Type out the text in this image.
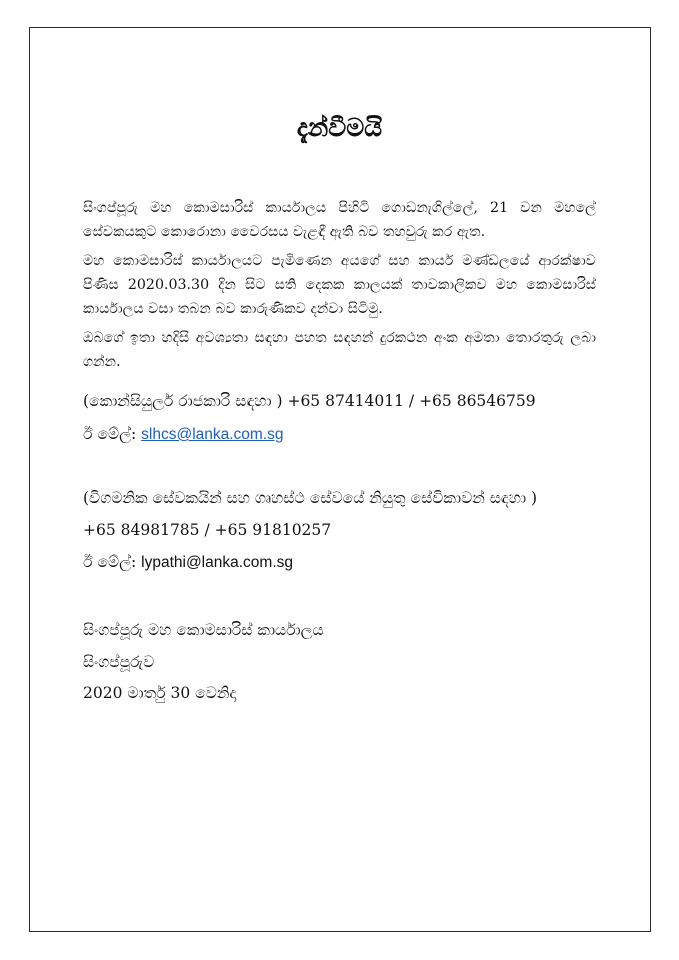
දැන්වීමයි

සිංගප්පූරු මහ කොමසාරිස් කාර්යාලය පිහිටි ගොඩනැගිල්ලේ, 21 වන මහලේ සේවකයකුට කොරොනා වෛරසය වැළඳී ඇති බව තහවුරු කර ඇත.

මහ කොමසාරිස් කාර්යාලයට පැමිණෙන අයගේ සහ කාර්ය මණ්ඩලයේ ආරක්ෂාව පිණිස 2020.03.30 දින සිට සති දෙකක කාලයක් තාවකාලිකව මහ කොමසාරිස් කාර්යාලය වසා තබන බව කාරුණිකව දන්වා සිටිමු.

ඔබගේ ඉතා හදිසි අවශ්‍යතා සඳහා පහත සඳහන් දුරකථන අංක අමතා තොරතුරු ලබා ගන්න.

(කොන්සියුලර් රාජකාරි සඳහා ) +65 87414011 / +65 86546759

ඊ මේල්: slhcs@lanka.com.sg

(විගමනික සේවකයින් සහ ගෘහස්ථ සේවයේ නියුතු සේවිකාවන් සඳහා )

+65 84981785 / +65 91810257

ඊ මේල්: lypathi@lanka.com.sg

සිංගප්පූරු මහ කොමසාරිස් කාර්යාලය

සිංගප්පූරුව

2020 මාර්තු 30 වෙනිදා
